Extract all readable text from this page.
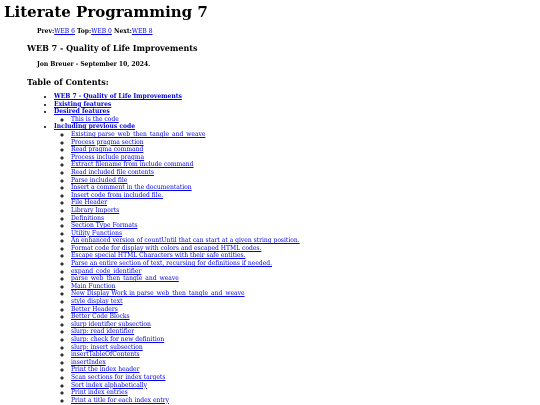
Literate Programming 7
Prev:WEB 6 Top:WEB 0 Next:WEB 8
WEB 7 - Quality of Life Improvements
Jon Breuer - September 10, 2024.
Table of Contents:
• WEB 7 - Quality of Life Improvements
• Existing features
• Desired features
◦ This is the code
• Including previous code
◦ Existing parse_web_then_tangle_and_weave
◦ Process pragma section
◦ Read pragma command
◦ Process include pragma
◦ Extract filename from include command
◦ Read included file contents
◦ Parse included file
◦ Insert a comment in the documentation
◦ Insert code from included file.
◦ File Header
◦ Library Imports
◦ Definitions
◦ Section Type Formats
◦ Utility Functions
◦ An enhanced version of countUntil that can start at a given string position.
◦ Format code for display with colors and escaped HTML codes.
◦ Escape special HTML Characters with their safe entities.
◦ Parse an entire section of text, recursing for definitions if needed.
◦ expand_code_identifier
◦ parse_web_then_tangle_and_weave
◦ Main Function
◦ New Display Work in parse_web_then_tangle_and_weave
◦ style display text
◦ Better Headers
◦ Better Code Blocks
◦ slurp identifier subsection
◦ slurp: read identifier
◦ slurp: check for new definition
◦ slurp: insert subsection
◦ insertTableOfContents
◦ insertIndex
◦ Print the index header
◦ Scan sections for index targets
◦ Sort index alphabetically
◦ Print index entries
◦ Print a title for each index entry
